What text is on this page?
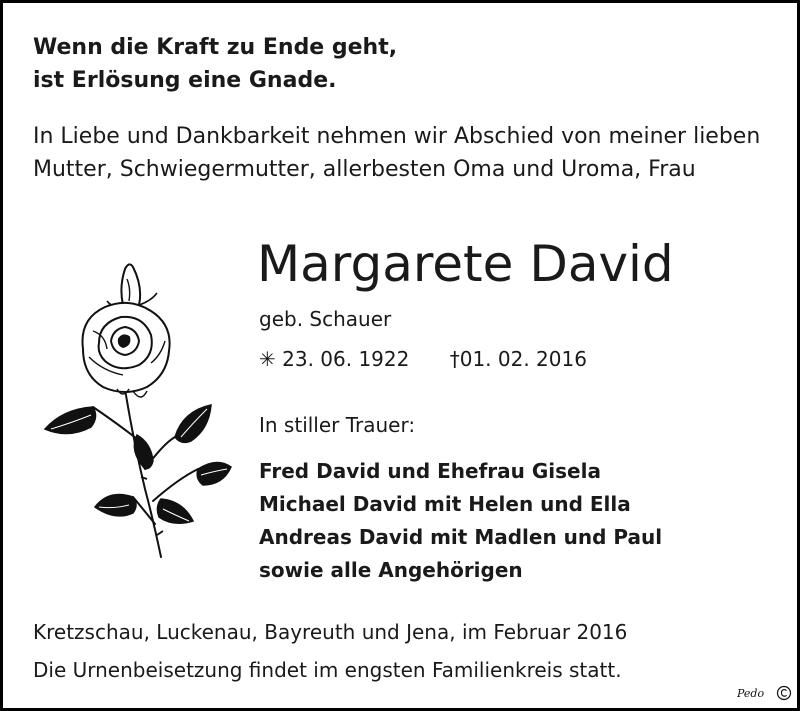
Wenn die Kraft zu Ende geht,
ist Erlösung eine Gnade.
In Liebe und Dankbarkeit nehmen wir Abschied von meiner lieben Mutter, Schwiegermutter, allerbesten Oma und Uroma, Frau
Margarete David
geb. Schauer
✳ 23. 06. 1922 †01. 02. 2016
In stiller Trauer:
Fred David und Ehefrau Gisela
Michael David mit Helen und Ella
Andreas David mit Madlen und Paul
sowie alle Angehörigen
Kretzschau, Luckenau, Bayreuth und Jena, im Februar 2016
Die Urnenbeisetzung findet im engsten Familienkreis statt.
Pedo
